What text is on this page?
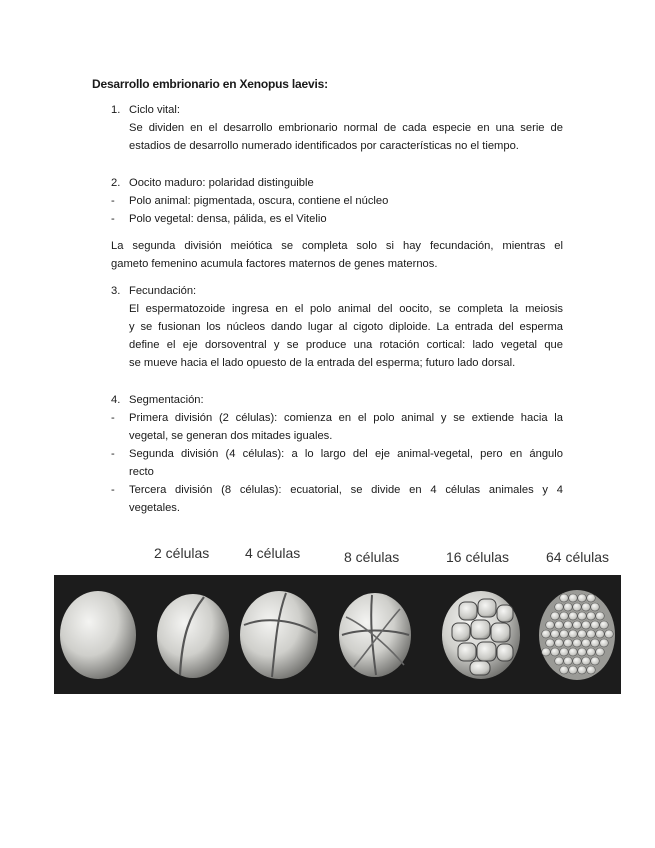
Desarrollo embrionario en Xenopus laevis:
1. Ciclo vital:
Se dividen en el desarrollo embrionario normal de cada especie en una serie de
estadios de desarrollo numerado identificados por características no el tiempo.
2. Oocito maduro: polaridad distinguible
- Polo animal: pigmentada, oscura, contiene el núcleo
- Polo vegetal: densa, pálida, es el Vitelio
La segunda división meiótica se completa solo si hay fecundación, mientras el
gameto femenino acumula factores maternos de genes maternos.
3. Fecundación:
El espermatozoide ingresa en el polo animal del oocito, se completa la meiosis
y se fusionan los núcleos dando lugar al cigoto diploide. La entrada del esperma
define el eje dorsoventral y se produce una rotación cortical: lado vegetal que
se mueve hacia el lado opuesto de la entrada del esperma; futuro lado dorsal.
4. Segmentación:
- Primera división (2 células): comienza en el polo animal y se extiende hacia la
vegetal, se generan dos mitades iguales.
- Segunda división (4 células): a lo largo del eje animal-vegetal, pero en ángulo
recto
- Tercera división (8 células): ecuatorial, se divide en 4 células animales y 4
vegetales.
2 células	4 células	8 células	16 células	64 células
